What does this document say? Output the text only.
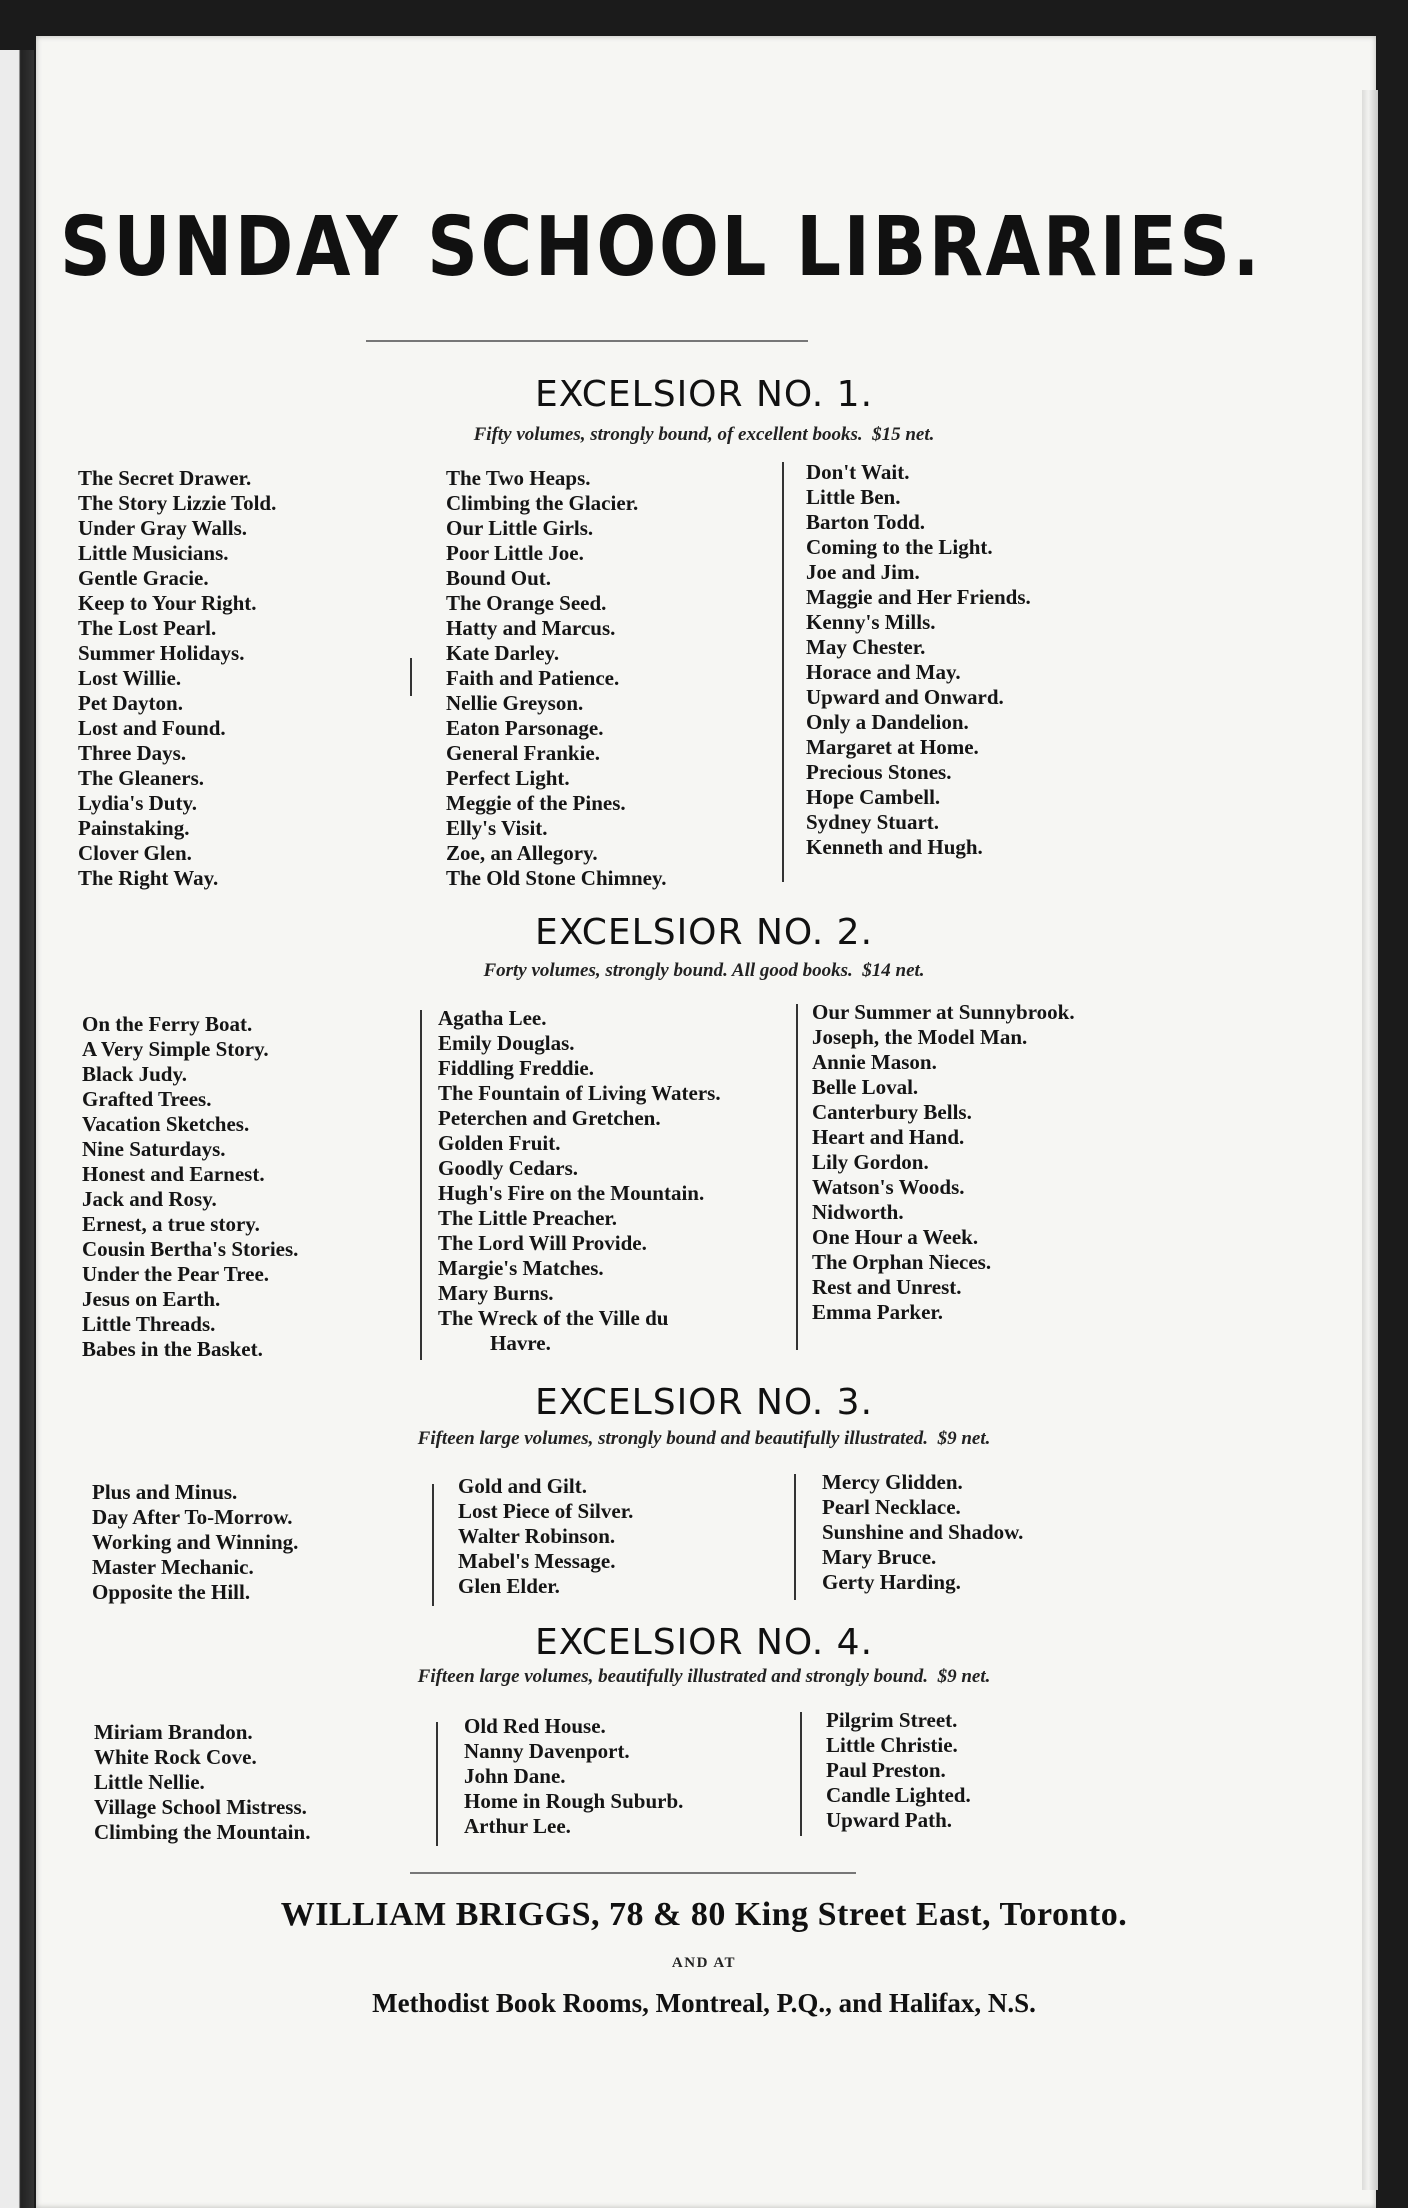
SUNDAY SCHOOL LIBRARIES.
EXCELSIOR NO. 1.
Fifty volumes, strongly bound, of excellent books. $15 net.
The Secret Drawer.
The Story Lizzie Told.
Under Gray Walls.
Little Musicians.
Gentle Gracie.
Keep to Your Right.
The Lost Pearl.
Summer Holidays.
Lost Willie.
Pet Dayton.
Lost and Found.
Three Days.
The Gleaners.
Lydia's Duty.
Painstaking.
Clover Glen.
The Right Way.
The Two Heaps.
Climbing the Glacier.
Our Little Girls.
Poor Little Joe.
Bound Out.
The Orange Seed.
Hatty and Marcus.
Kate Darley.
Faith and Patience.
Nellie Greyson.
Eaton Parsonage.
General Frankie.
Perfect Light.
Meggie of the Pines.
Elly's Visit.
Zoe, an Allegory.
The Old Stone Chimney.
Don't Wait.
Little Ben.
Barton Todd.
Coming to the Light.
Joe and Jim.
Maggie and Her Friends.
Kenny's Mills.
May Chester.
Horace and May.
Upward and Onward.
Only a Dandelion.
Margaret at Home.
Precious Stones.
Hope Cambell.
Sydney Stuart.
Kenneth and Hugh.
EXCELSIOR NO. 2.
Forty volumes, strongly bound. All good books. $14 net.
On the Ferry Boat.
A Very Simple Story.
Black Judy.
Grafted Trees.
Vacation Sketches.
Nine Saturdays.
Honest and Earnest.
Jack and Rosy.
Ernest, a true story.
Cousin Bertha's Stories.
Under the Pear Tree.
Jesus on Earth.
Little Threads.
Babes in the Basket.
Agatha Lee.
Emily Douglas.
Fiddling Freddie.
The Fountain of Living Waters.
Peterchen and Gretchen.
Golden Fruit.
Goodly Cedars.
Hugh's Fire on the Mountain.
The Little Preacher.
The Lord Will Provide.
Margie's Matches.
Mary Burns.
The Wreck of the Ville du
Havre.
Our Summer at Sunnybrook.
Joseph, the Model Man.
Annie Mason.
Belle Loval.
Canterbury Bells.
Heart and Hand.
Lily Gordon.
Watson's Woods.
Nidworth.
One Hour a Week.
The Orphan Nieces.
Rest and Unrest.
Emma Parker.
EXCELSIOR NO. 3.
Fifteen large volumes, strongly bound and beautifully illustrated. $9 net.
Plus and Minus.
Day After To-Morrow.
Working and Winning.
Master Mechanic.
Opposite the Hill.
Gold and Gilt.
Lost Piece of Silver.
Walter Robinson.
Mabel's Message.
Glen Elder.
Mercy Glidden.
Pearl Necklace.
Sunshine and Shadow.
Mary Bruce.
Gerty Harding.
EXCELSIOR NO. 4.
Fifteen large volumes, beautifully illustrated and strongly bound. $9 net.
Miriam Brandon.
White Rock Cove.
Little Nellie.
Village School Mistress.
Climbing the Mountain.
Old Red House.
Nanny Davenport.
John Dane.
Home in Rough Suburb.
Arthur Lee.
Pilgrim Street.
Little Christie.
Paul Preston.
Candle Lighted.
Upward Path.
WILLIAM BRIGGS, 78 & 80 King Street East, Toronto.
AND AT
Methodist Book Rooms, Montreal, P.Q., and Halifax, N.S.
